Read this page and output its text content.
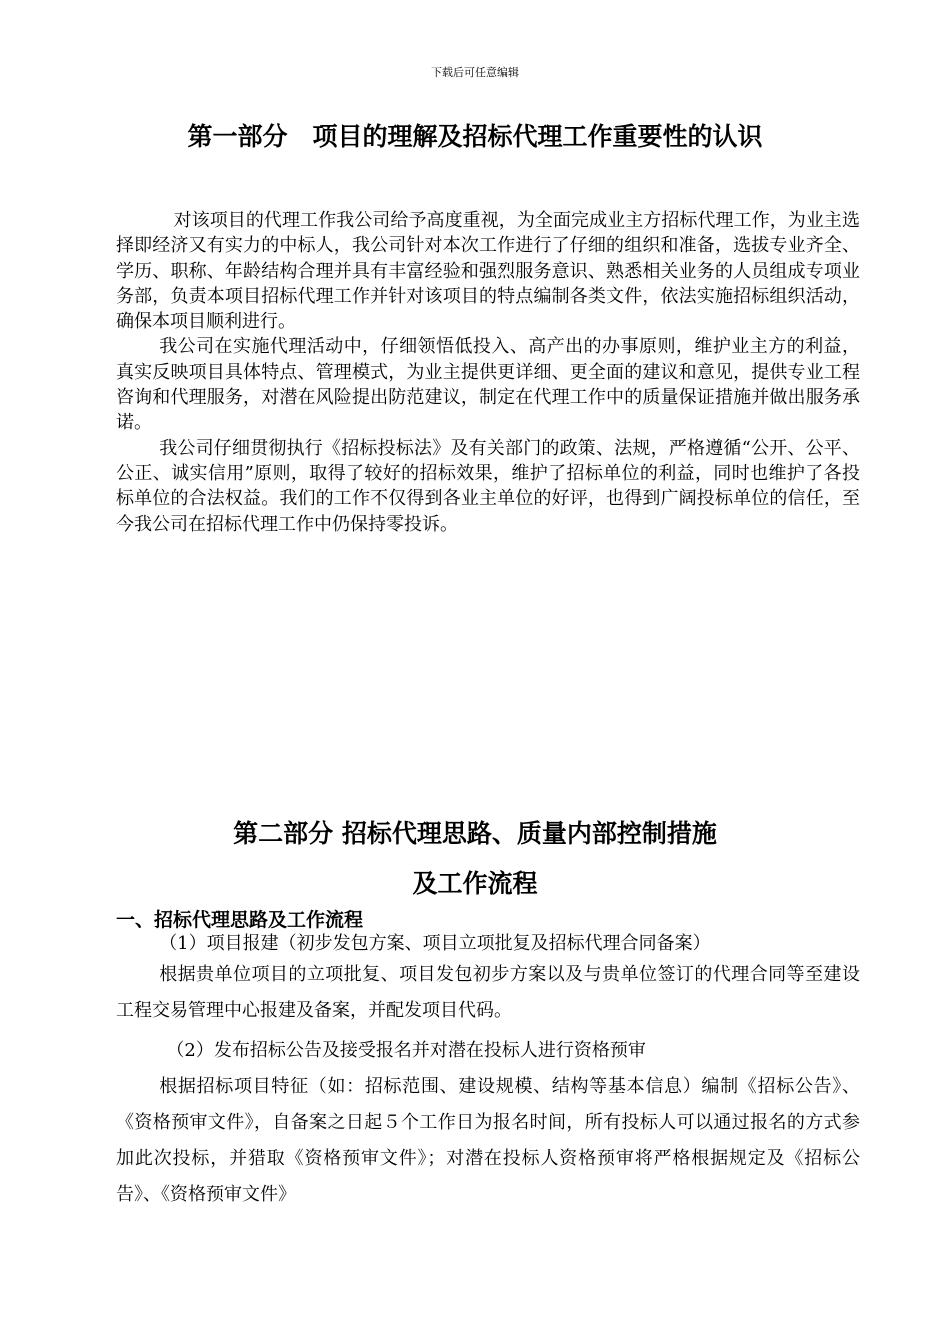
下载后可任意编辑
第一部分　项目的理解及招标代理工作重要性的认识

对该项目的代理工作我公司给予高度重视，为全面完成业主方招标代理工作，为业主选择即经济又有实力的中标人，我公司针对本次工作进行了仔细的组织和准备，选拔专业齐全、学历、职称、年龄结构合理并具有丰富经验和强烈服务意识、熟悉相关业务的人员组成专项业务部，负责本项目招标代理工作并针对该项目的特点编制各类文件，依法实施招标组织活动，确保本项目顺利进行。

我公司在实施代理活动中，仔细领悟低投入、高产出的办事原则，维护业主方的利益，真实反映项目具体特点、管理模式，为业主提供更详细、更全面的建议和意见，提供专业工程咨询和代理服务，对潜在风险提出防范建议，制定在代理工作中的质量保证措施并做出服务承诺。

我公司仔细贯彻执行《招标投标法》及有关部门的政策、法规，严格遵循“公开、公平、公正、诚实信用”原则，取得了较好的招标效果，维护了招标单位的利益，同时也维护了各投标单位的合法权益。我们的工作不仅得到各业主单位的好评，也得到广阔投标单位的信任，至今我公司在招标代理工作中仍保持零投诉。

第二部分 招标代理思路、质量内部控制措施
及工作流程
一、招标代理思路及工作流程

（1）项目报建（初步发包方案、项目立项批复及招标代理合同备案）

根据贵单位项目的立项批复、项目发包初步方案以及与贵单位签订的代理合同等至建设工程交易管理中心报建及备案，并配发项目代码。

（2）发布招标公告及接受报名并对潜在投标人进行资格预审

根据招标项目特征（如：招标范围、建设规模、结构等基本信息）编制《招标公告》、《资格预审文件》，自备案之日起５个工作日为报名时间，所有投标人可以通过报名的方式参加此次投标，并猎取《资格预审文件》；对潜在投标人资格预审将严格根据规定及《招标公告》、《资格预审文件》
